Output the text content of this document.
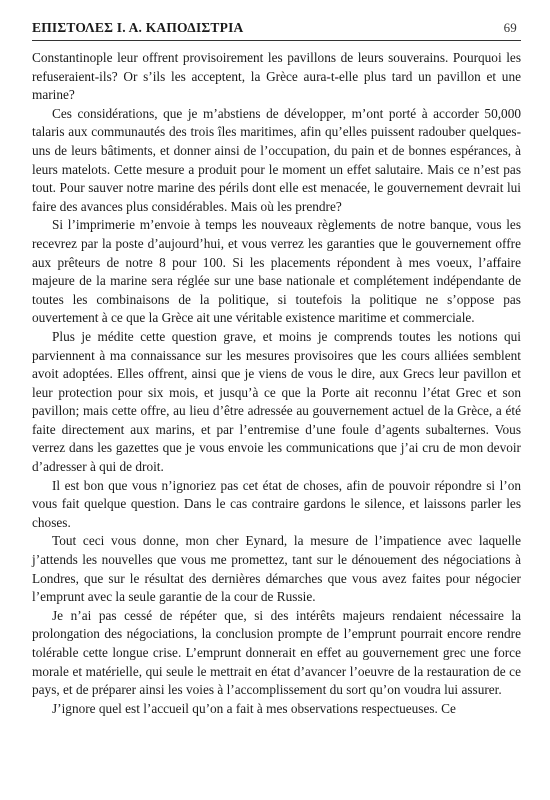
ΕΠΙΣΤΟΛΕΣ Ι. Α. ΚΑΠΟΔΙΣΤΡΙΑ	69

Constantinople leur offrent provisoirement les pavillons de leurs souverains. Pourquoi les refuseraient-ils? Or s’ils les acceptent, la Grèce aura-t-elle plus tard un pavillon et une marine?

Ces considérations, que je m’abstiens de développer, m’ont porté à accorder 50,000 talaris aux communautés des trois îles maritimes, afin qu’elles puissent radouber quelques-uns de leurs bâtiments, et donner ainsi de l’occupation, du pain et de bonnes espérances, à leurs matelots. Cette mesure a produit pour le moment un effet salutaire. Mais ce n’est pas tout. Pour sauver notre marine des périls dont elle est menacée, le gouvernement devrait lui faire des avances plus considérables. Mais où les prendre?

Si l’imprimerie m’envoie à temps les nouveaux règlements de notre banque, vous les recevrez par la poste d’aujourd’hui, et vous verrez les garanties que le gouvernement offre aux prêteurs de notre 8 pour 100. Si les placements répondent à mes voeux, l’affaire majeure de la marine sera réglée sur une base nationale et complétement indépendante de toutes les combinaisons de la politique, si toutefois la politique ne s’oppose pas ouvertement à ce que la Grèce ait une véritable existence maritime et commerciale.

Plus je médite cette question grave, et moins je comprends toutes les notions qui parviennent à ma connaissance sur les mesures provisoires que les cours alliées semblent avoit adoptées. Elles offrent, ainsi que je viens de vous le dire, aux Grecs leur pavillon et leur protection pour six mois, et jusqu’à ce que la Porte ait reconnu l’état Grec et son pavillon; mais cette offre, au lieu d’être adressée au gouvernement actuel de la Grèce, a été faite directement aux marins, et par l’entremise d’une foule d’agents subalternes. Vous verrez dans les gazettes que je vous envoie les communications que j’ai cru de mon devoir d’adresser à qui de droit.

Il est bon que vous n’ignoriez pas cet état de choses, afin de pouvoir répondre si l’on vous fait quelque question. Dans le cas contraire gardons le silence, et laissons parler les choses.

Tout ceci vous donne, mon cher Eynard, la mesure de l’impatience avec laquelle j’attends les nouvelles que vous me promettez, tant sur le dénouement des négociations à Londres, que sur le résultat des dernières démarches que vous avez faites pour négocier l’emprunt avec la seule garantie de la cour de Russie.

Je n’ai pas cessé de répéter que, si des intérêts majeurs rendaient nécessaire la prolongation des négociations, la conclusion prompte de l’emprunt pourrait encore rendre tolérable cette longue crise. L’emprunt donnerait en effet au gouvernement grec une force morale et matérielle, qui seule le mettrait en état d’avancer l’oeuvre de la restauration de ce pays, et de préparer ainsi les voies à l’accomplissement du sort qu’on voudra lui assurer.

J’ignore quel est l’accueil qu’on a fait à mes observations respectueuses. Ce
